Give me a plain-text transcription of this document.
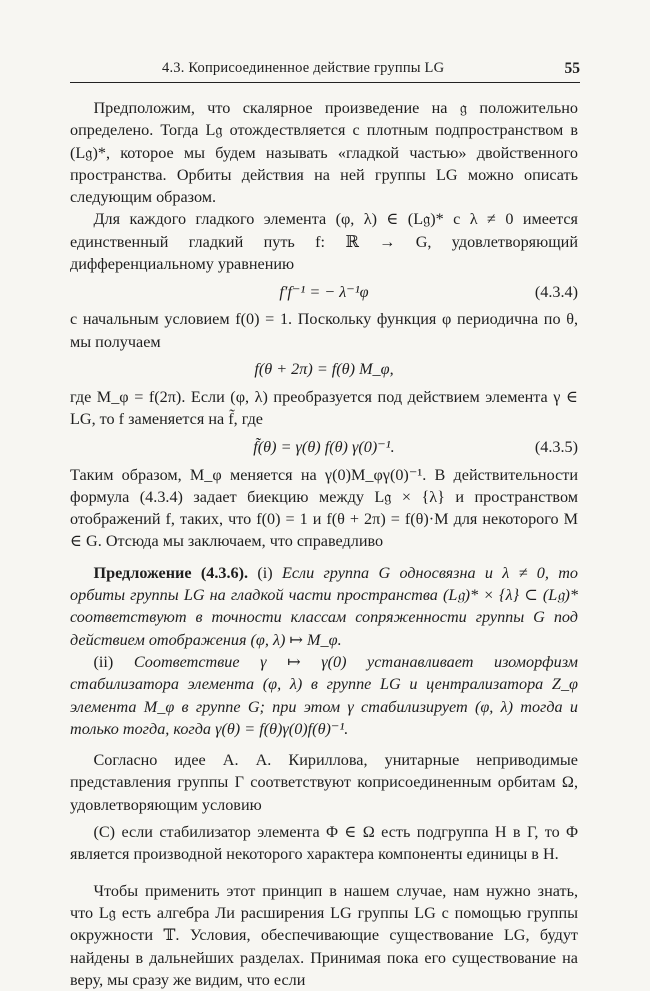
4.3. Коприсоединенное действие группы LG	55

Предположим, что скалярное произведение на 𝔤 положительно определено. Тогда L𝔤 отождествляется с плотным подпространством в (L𝔤)*, которое мы будем называть «гладкой частью» двойственного пространства. Орбиты действия на ней группы LG можно описать следующим образом.

Для каждого гладкого элемента (φ, λ) ∈ (L𝔤)* с λ ≠ 0 имеется единственный гладкий путь f: ℝ → G, удовлетворяющий дифференциальному уравнению

f′f⁻¹ = − λ⁻¹φ	(4.3.4)

с начальным условием f(0) = 1. Поскольку функция φ периодична по θ, мы получаем

f(θ + 2π) = f(θ) M_φ,

где M_φ = f(2π). Если (φ, λ) преобразуется под действием элемента γ ∈ LG, то f заменяется на f̃, где

f̃(θ) = γ(θ) f(θ) γ(0)⁻¹.	(4.3.5)

Таким образом, M_φ меняется на γ(0)M_φγ(0)⁻¹. В действительности формула (4.3.4) задает биекцию между L𝔤 × {λ} и пространством отображений f, таких, что f(0) = 1 и f(θ + 2π) = f(θ)·M для некоторого M ∈ G. Отсюда мы заключаем, что справедливо

Предложение (4.3.6). (i) Если группа G односвязна и λ ≠ 0, то орбиты группы LG на гладкой части пространства (L𝔤)* × {λ} ⊂ (L𝔤)* соответствуют в точности классам сопряженности группы G под действием отображения (φ, λ) ↦ M_φ.

(ii) Соответствие γ ↦ γ(0) устанавливает изоморфизм стабилизатора элемента (φ, λ) в группе LG и централизатора Z_φ элемента M_φ в группе G; при этом γ стабилизирует (φ, λ) тогда и только тогда, когда γ(θ) = f(θ)γ(0)f(θ)⁻¹.

Согласно идее А. А. Кириллова, унитарные неприводимые представления группы Γ соответствуют коприсоединенным орбитам Ω, удовлетворяющим условию

(C) если стабилизатор элемента Φ ∈ Ω есть подгруппа H в Γ, то Φ является производной некоторого характера компоненты единицы в H.

Чтобы применить этот принцип в нашем случае, нам нужно знать, что L𝔤 есть алгебра Ли расширения LG группы LG с помощью группы окружности 𝕋. Условия, обеспечивающие существование LG, будут найдены в дальнейших разделах. Принимая пока его существование на веру, мы сразу же видим, что если
